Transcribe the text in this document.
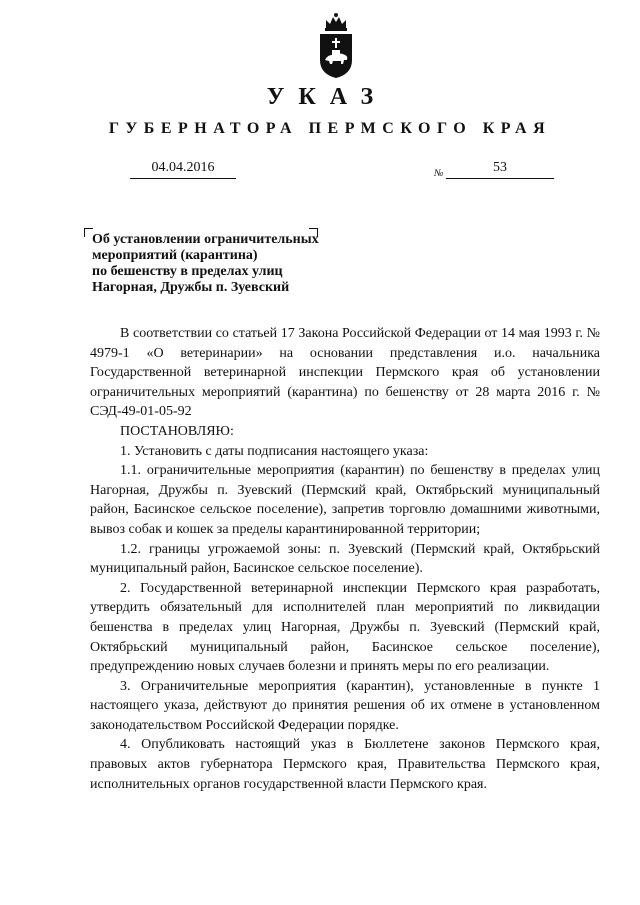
УКАЗ
ГУБЕРНАТОРА ПЕРМСКОГО КРАЯ
04.04.2016	№	53
Об установлении ограничительных
мероприятий (карантина)
по бешенству в пределах улиц
Нагорная, Дружбы п. Зуевский

В соответствии со статьей 17 Закона Российской Федерации от 14 мая 1993 г. № 4979-1 «О ветеринарии» на основании представления и.о. начальника Государственной ветеринарной инспекции Пермского края об установлении ограничительных мероприятий (карантина) по бешенству от 28 марта 2016 г. № СЭД-49-01-05-92

ПОСТАНОВЛЯЮ:

1. Установить с даты подписания настоящего указа:

1.1. ограничительные мероприятия (карантин) по бешенству в пределах улиц Нагорная, Дружбы п. Зуевский (Пермский край, Октябрьский муниципальный район, Басинское сельское поселение), запретив торговлю домашними животными, вывоз собак и кошек за пределы карантинированной территории;

1.2. границы угрожаемой зоны: п. Зуевский (Пермский край, Октябрьский муниципальный район, Басинское сельское поселение).

2. Государственной ветеринарной инспекции Пермского края разработать, утвердить обязательный для исполнителей план мероприятий по ликвидации бешенства в пределах улиц Нагорная, Дружбы п. Зуевский (Пермский край, Октябрьский муниципальный район, Басинское сельское поселение), предупреждению новых случаев болезни и принять меры по его реализации.

3. Ограничительные мероприятия (карантин), установленные в пункте 1 настоящего указа, действуют до принятия решения об их отмене в установленном законодательством Российской Федерации порядке.

4. Опубликовать настоящий указ в Бюллетене законов Пермского края, правовых актов губернатора Пермского края, Правительства Пермского края, исполнительных органов государственной власти Пермского края.
